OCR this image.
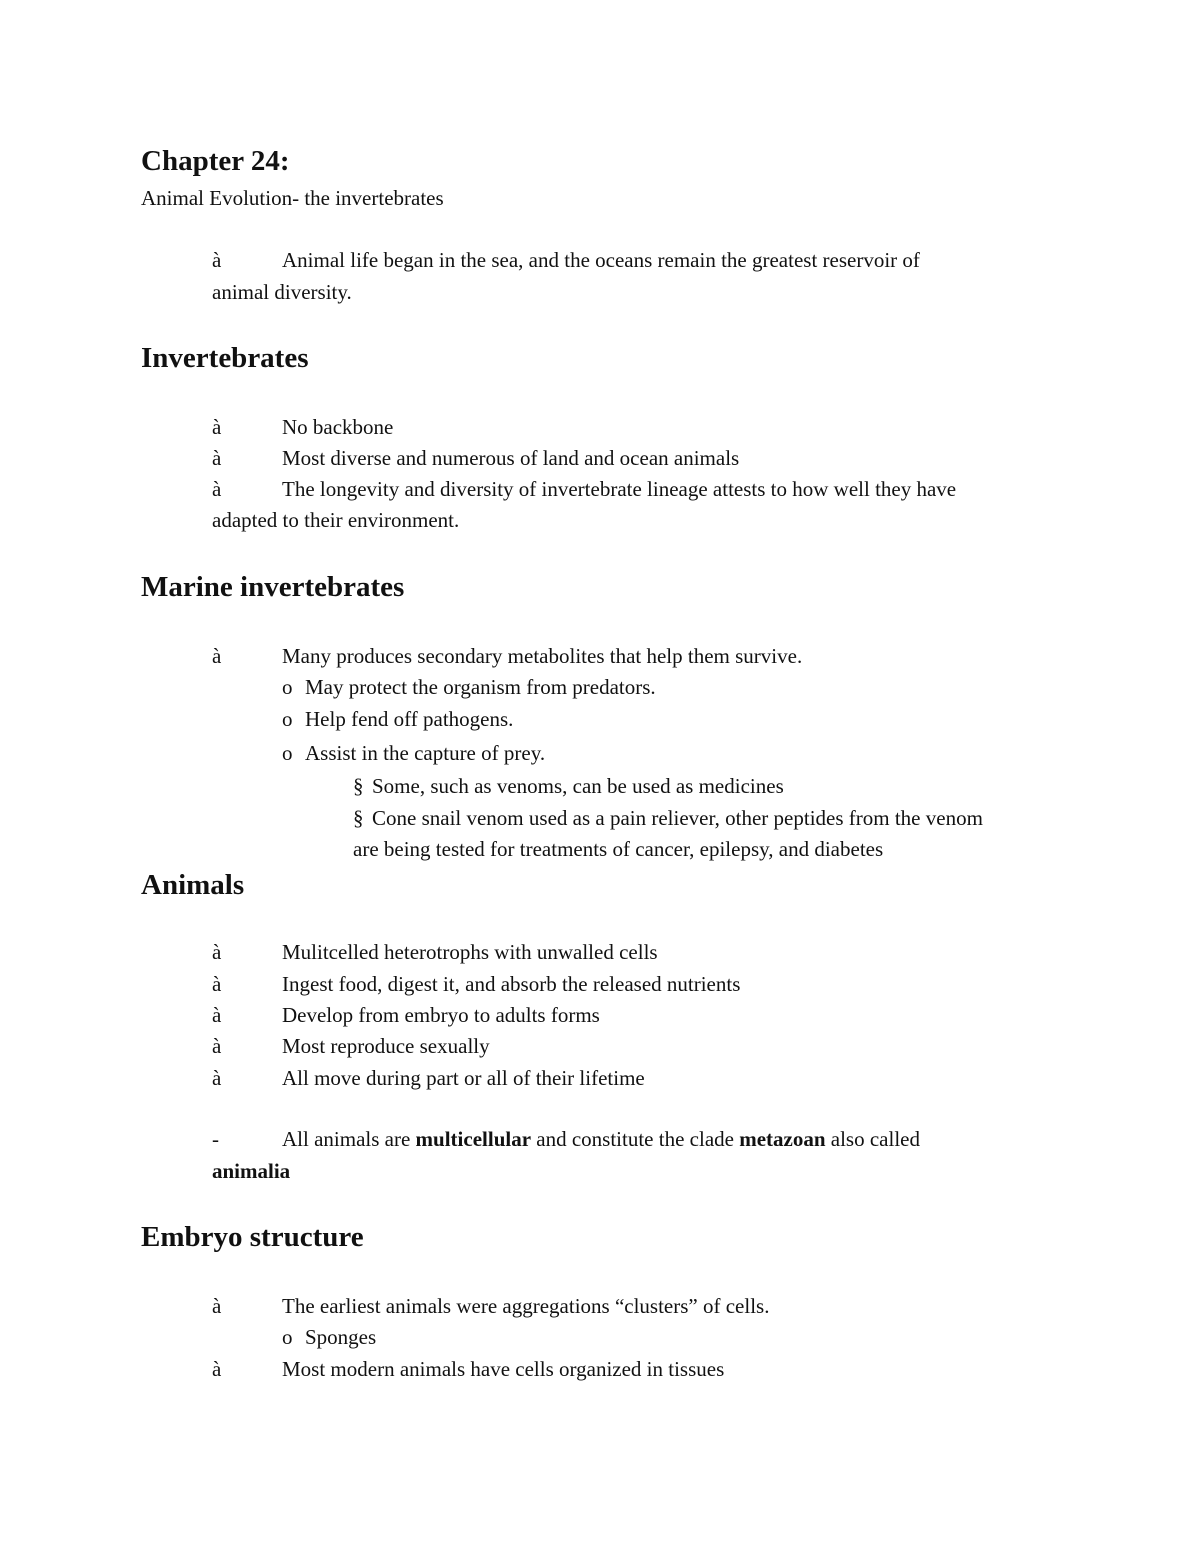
Chapter 24:
Animal Evolution- the invertebrates
à	Animal life began in the sea, and the oceans remain the greatest reservoir of
animal diversity.
Invertebrates
à	No backbone
à	Most diverse and numerous of land and ocean animals
à	The longevity and diversity of invertebrate lineage attests to how well they have
adapted to their environment.
Marine invertebrates
à	Many produces secondary metabolites that help them survive.
o May protect the organism from predators.
o Help fend off pathogens.
o Assist in the capture of prey.
§ Some, such as venoms, can be used as medicines
§ Cone snail venom used as a pain reliever, other peptides from the venom
are being tested for treatments of cancer, epilepsy, and diabetes
Animals
à	Mulitcelled heterotrophs with unwalled cells
à	Ingest food, digest it, and absorb the released nutrients
à	Develop from embryo to adults forms
à	Most reproduce sexually
à	All move during part or all of their lifetime
-	All animals are multicellular and constitute the clade metazoan also called
animalia
Embryo structure
à	The earliest animals were aggregations “clusters” of cells.
o Sponges
à	Most modern animals have cells organized in tissues
